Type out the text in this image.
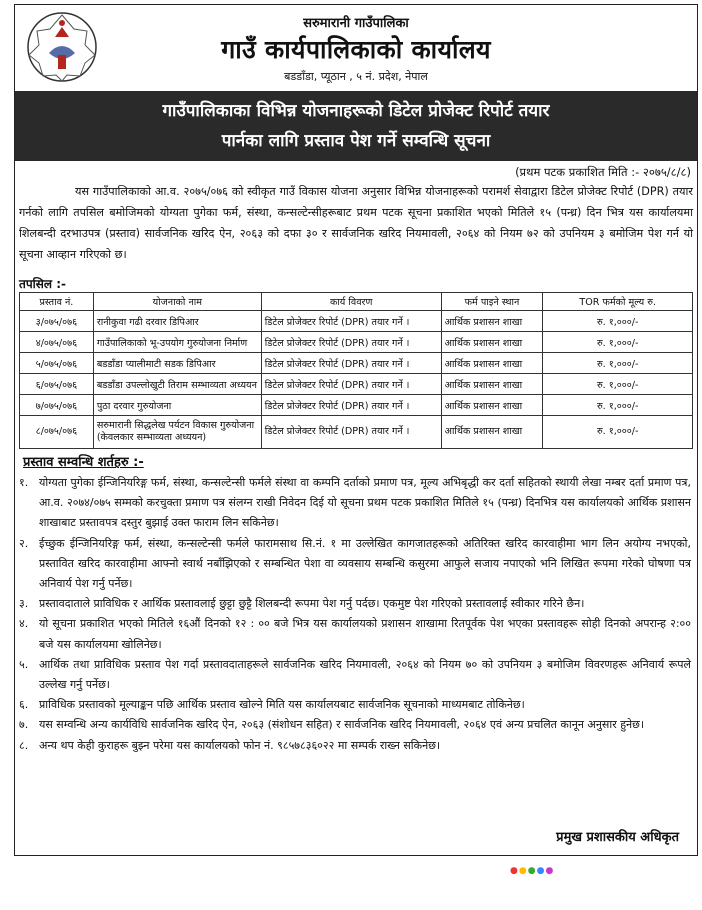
सरुमारानी गाउँपालिका
गाउँ कार्यपालिकाको कार्यालय
बडडाँडा, प्यूठान , ५ नं. प्रदेश, नेपाल
गाउँपालिकाका विभिन्न योजनाहरूको डिटेल प्रोजेक्ट रिपोर्ट तयार
पार्नका लागि प्रस्ताव पेश गर्ने सम्वन्धि सूचना
(प्रथम पटक प्रकाशित मिति :- २०७५/८/८)

यस गाउँपालिकाको आ.व. २०७५/०७६ को स्वीकृत गाउँ विकास योजना अनुसार विभिन्न योजनाहरूको परामर्श सेवाद्वारा डिटेल प्रोजेक्ट रिपोर्ट (DPR) तयार गर्नको लागि तपसिल बमोजिमको योग्यता पुगेका फर्म, संस्था, कन्सल्टेन्सीहरूबाट प्रथम पटक सूचना प्रकाशित भएको मितिले १५ (पन्ध्र) दिन भित्र यस कार्यालयमा शिलबन्दी दरभाउपत्र (प्रस्ताव) सार्वजनिक खरिद ऐन, २०६३ को दफा ३० र सार्वजनिक खरिद नियमावली, २०६४ को नियम ७२ को उपनियम ३ बमोजिम पेश गर्न यो सूचना आव्हान गरिएको छ।

तपसिल :-
प्रस्ताव नं.	योजनाको नाम	कार्य विवरण	फर्म पाइने स्थान	TOR फर्मको मूल्य रु.
३/०७५/०७६	रानीकुवा गढी दरवार डिपिआर	डिटेल प्रोजेक्टर रिपोर्ट (DPR) तयार गर्ने ।	आर्थिक प्रशासन शाखा	रु. १,०००/-
४/०७५/०७६	गाउँपालिकाको भू-उपयोग गुरुयोजना निर्माण	डिटेल प्रोजेक्टर रिपोर्ट (DPR) तयार गर्ने ।	आर्थिक प्रशासन शाखा	रु. १,०००/-
५/०७५/०७६	बडडाँडा प्यालीमाटी सडक डिपिआर	डिटेल प्रोजेक्टर रिपोर्ट (DPR) तयार गर्ने ।	आर्थिक प्रशासन शाखा	रु. १,०००/-
६/०७५/०७६	बडडाँडा उपल्लोखुटी तिराम सम्भाव्यता अध्ययन	डिटेल प्रोजेक्टर रिपोर्ट (DPR) तयार गर्ने ।	आर्थिक प्रशासन शाखा	रु. १,०००/-
७/०७५/०७६	पुठा दरवार गुरुयोजना	डिटेल प्रोजेक्टर रिपोर्ट (DPR) तयार गर्ने ।	आर्थिक प्रशासन शाखा	रु. १,०००/-
८/०७५/०७६	सरुमारानी सिद्धलेख पर्यटन विकास गुरुयोजना (केवलकार सम्भाव्यता अध्ययन)	डिटेल प्रोजेक्टर रिपोर्ट (DPR) तयार गर्ने ।	आर्थिक प्रशासन शाखा	रु. १,०००/-
प्रस्ताव सम्वन्धि शर्तहरु :-
१. योग्यता पुगेका ईन्जिनियरिङ्ग फर्म, संस्था, कन्सल्टेन्सी फर्मले संस्था वा कम्पनि दर्ताको प्रमाण पत्र, मूल्य अभिबृद्धी कर दर्ता सहितको स्थायी लेखा नम्बर दर्ता प्रमाण पत्र, आ.व. २०७४/०७५ सम्मको करचुक्ता प्रमाण पत्र संलग्न राखी निवेदन दिई यो सूचना प्रथम पटक प्रकाशित मितिले १५ (पन्ध्र) दिनभित्र यस कार्यालयको आर्थिक प्रशासन शाखाबाट प्रस्तावपत्र दस्तुर बुझाई उक्त फाराम लिन सकिनेछ।
२. ईच्छुक ईन्जिनियरिङ्ग फर्म, संस्था, कन्सल्टेन्सी फर्मले फारामसाथ सि.नं. १ मा उल्लेखित कागजातहरूको अतिरिक्त खरिद कारवाहीमा भाग लिन अयोग्य नभएको, प्रस्तावित खरिद कारवाहीमा आफ्नो स्वार्थ नबाँझिएको र सम्बन्धित पेशा वा व्यवसाय सम्बन्धि कसुरमा आफुले सजाय नपाएको भनि लिखित रूपमा गरेको घोषणा पत्र अनिवार्य पेश गर्नु पर्नेछ।
३. प्रस्तावदाताले प्राविधिक र आर्थिक प्रस्तावलाई छुट्टा छुट्टै शिलबन्दी रूपमा पेश गर्नु पर्दछ। एकमुष्ट पेश गरिएको प्रस्तावलाई स्वीकार गरिने छैन।
४. यो सूचना प्रकाशित भएको मितिले १६औं दिनको १२ : ०० बजे भित्र यस कार्यालयको प्रशासन शाखामा रितपूर्वक पेश भएका प्रस्तावहरू सोही दिनको अपरान्ह २:०० बजे यस कार्यालयमा खोलिनेछ।
५. आर्थिक तथा प्राविधिक प्रस्ताव पेश गर्दा प्रस्तावदाताहरूले सार्वजनिक खरिद नियमावली, २०६४ को नियम ७० को उपनियम ३ बमोजिम विवरणहरू अनिवार्य रूपले उल्लेख गर्नु पर्नेछ।
६. प्राविधिक प्रस्तावको मूल्याङ्कन पछि आर्थिक प्रस्ताव खोल्ने मिति यस कार्यालयबाट सार्वजनिक सूचनाको माध्यमबाट तोकिनेछ।
७. यस सम्वन्धि अन्य कार्यविधि सार्वजनिक खरिद ऐन, २०६३ (संशोधन सहित) र सार्वजनिक खरिद नियमावली, २०६४ एवं अन्य प्रचलित कानून अनुसार हुनेछ।
८. अन्य थप केही कुराहरू बुझ्न परेमा यस कार्यालयको फोन नं. ९८५७८३६०२२ मा सम्पर्क राख्न सकिनेछ।
प्रमुख प्रशासकीय अधिकृत
●●●●●
